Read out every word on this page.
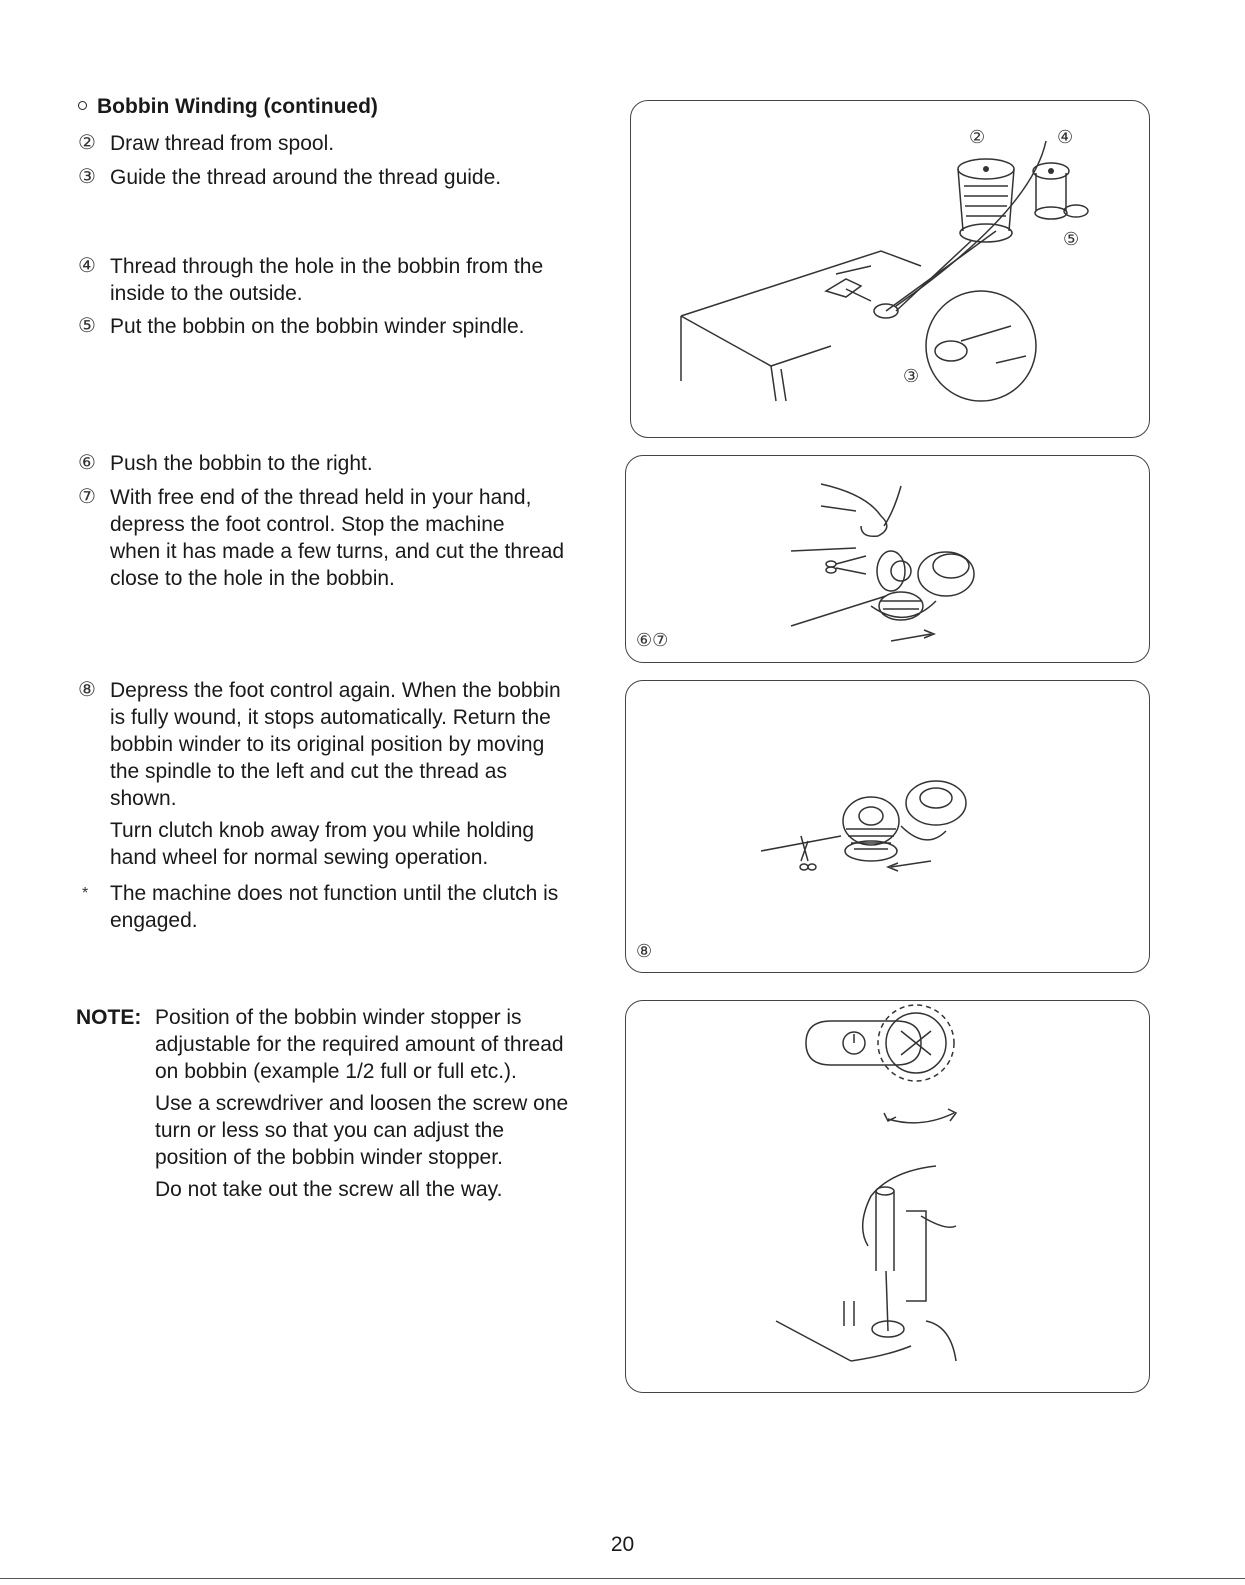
Bobbin Winding (continued)
② Draw thread from spool.
③ Guide the thread around the thread guide.
④ Thread through the hole in the bobbin from the
inside to the outside.
⑤ Put the bobbin on the bobbin winder spindle.
⑥ Push the bobbin to the right.
⑦ With free end of the thread held in your hand,
depress the foot control. Stop the machine
when it has made a few turns, and cut the thread
close to the hole in the bobbin.
⑧ Depress the foot control again. When the bobbin
is fully wound, it stops automatically. Return the
bobbin winder to its original position by moving
the spindle to the left and cut the thread as
shown.
Turn clutch knob away from you while holding
hand wheel for normal sewing operation.
* The machine does not function until the clutch is
engaged.
NOTE: Position of the bobbin winder stopper is
adjustable for the required amount of thread
on bobbin (example 1/2 full or full etc.).
Use a screwdriver and loosen the screw one
turn or less so that you can adjust the
position of the bobbin winder stopper.
Do not take out the screw all the way.
②	④
⑤
③
⑥⑦
⑧
20
